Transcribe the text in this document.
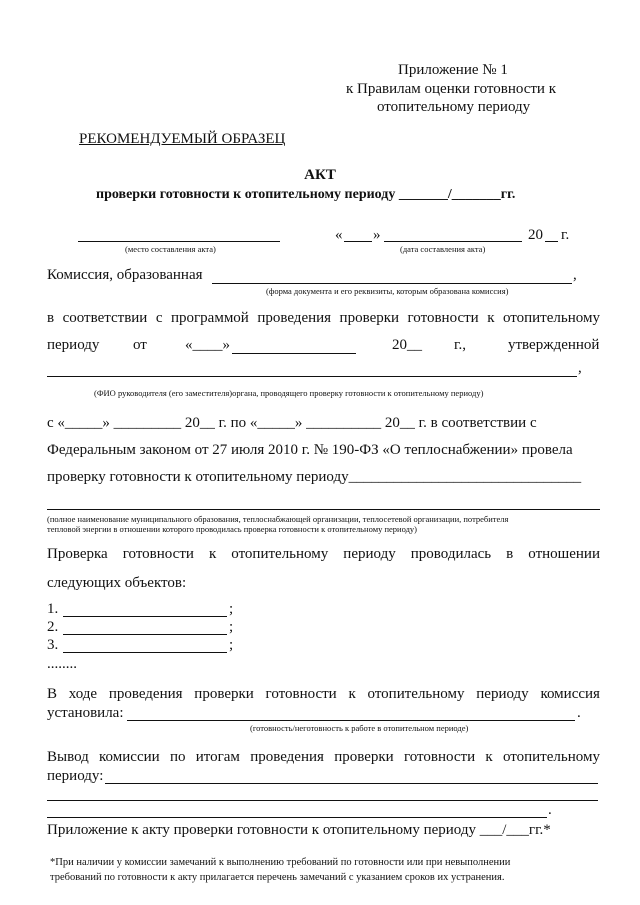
Приложение № 1
к Правилам оценки готовности к
отопительному периоду
РЕКОМЕНДУЕМЫЙ ОБРАЗЕЦ
АКТ
проверки готовности к отопительному периоду _______/_______гг.
(место составления акта)
« »	20 г.
(дата составления акта)
Комиссия, образованная	,
(форма документа и его реквизиты, которым образована комиссия)
в соответствии с программой проведения проверки готовности к отопительному
периоду от	«____»	20__ г.,	утвержденной
,
(ФИО руководителя (его заместителя)органа, проводящего проверку готовности к отопительному периоду)
с «_____» _________ 20__ г. по «_____» __________ 20__ г. в соответствии с
Федеральным законом от 27 июля 2010 г. № 190-ФЗ «О теплоснабжении» провела
проверку готовности к отопительному периоду_______________________________
(полное наименование муниципального образования, теплоснабжающей организации, теплосетевой организации, потребителя
тепловой энергии в отношении которого проводилась проверка готовности к отопительному периоду)
Проверка готовности к отопительному периоду проводилась в отношении
следующих объектов:
1.	;
2.	;
3.	;
........
В ходе проведения проверки готовности к отопительному периоду комиссия
установила:	.
(готовность/неготовность к работе в отопительном периоде)
Вывод комиссии по итогам проведения проверки готовности к отопительному
периоду:
.
Приложение к акту проверки готовности к отопительному периоду ___/___гг.*
*При наличии у комиссии замечаний к выполнению требований по готовности или при невыполнении
требований по готовности к акту прилагается перечень замечаний с указанием сроков их устранения.
